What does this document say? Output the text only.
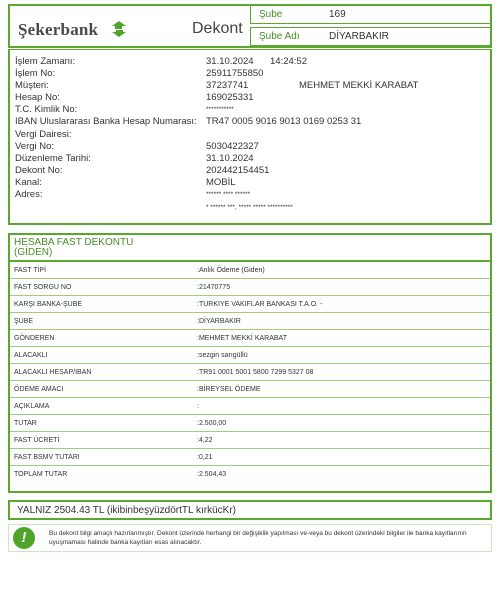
Şekerbank	Dekont
Şube	169
Şube Adı	DİYARBAKIR
İşlem Zamanı:	31.10.2024 14:24:52
İşlem No:	25911755850
Müşteri:	37237741	MEHMET MEKKİ KARABAT
Hesap No:	169025331
T.C. Kimlik No:	***********
IBAN Uluslararası Banka Hesap Numarası: TR47 0005 9016 9013 0169 0253 31
Vergi Dairesi:
Vergi No:	5030422327
Düzenleme Tarihi:	31.10.2024
Dekont No:	202442154451
Kanal:	MOBİL
Adres:	****** **** ******
* ****** ***, ***** ***** **********
HESABA FAST DEKONTU
(GİDEN)
FAST TİPİ	:Anlık Ödeme (Giden)
FAST SORGU NO	:21470775
KARŞI BANKA-ŞUBE	:TURKIYE VAKIFLAR BANKASI T.A.O. -
ŞUBE	:DİYARBAKIR
GÖNDEREN	:MEHMET MEKKİ KARABAT
ALACAKLI	:sezgin sarıgüllü
ALACAKLI HESAP/IBAN	:TR91 0001 5001 5800 7299 5327 08
ÖDEME AMACI	:BİREYSEL ÖDEME
AÇIKLAMA	:
TUTAR	:2.500,00
FAST ÜCRETİ	:4,22
FAST BSMV TUTARI	:0,21
TOPLAM TUTAR	:2.504,43
YALNIZ 2504.43 TL (ikibinbeşyüzdörtTL kırkücKr)
!	Bu dekont bilgi amaçlı hazırlanmıştır. Dekont üzerinde herhangi bir değişiklik yapılması ve-veya bu dekont üzerindeki bilgiler ile banka kayıtlarının uyuşmaması halinde banka kayıtları esas alınacaktır.
